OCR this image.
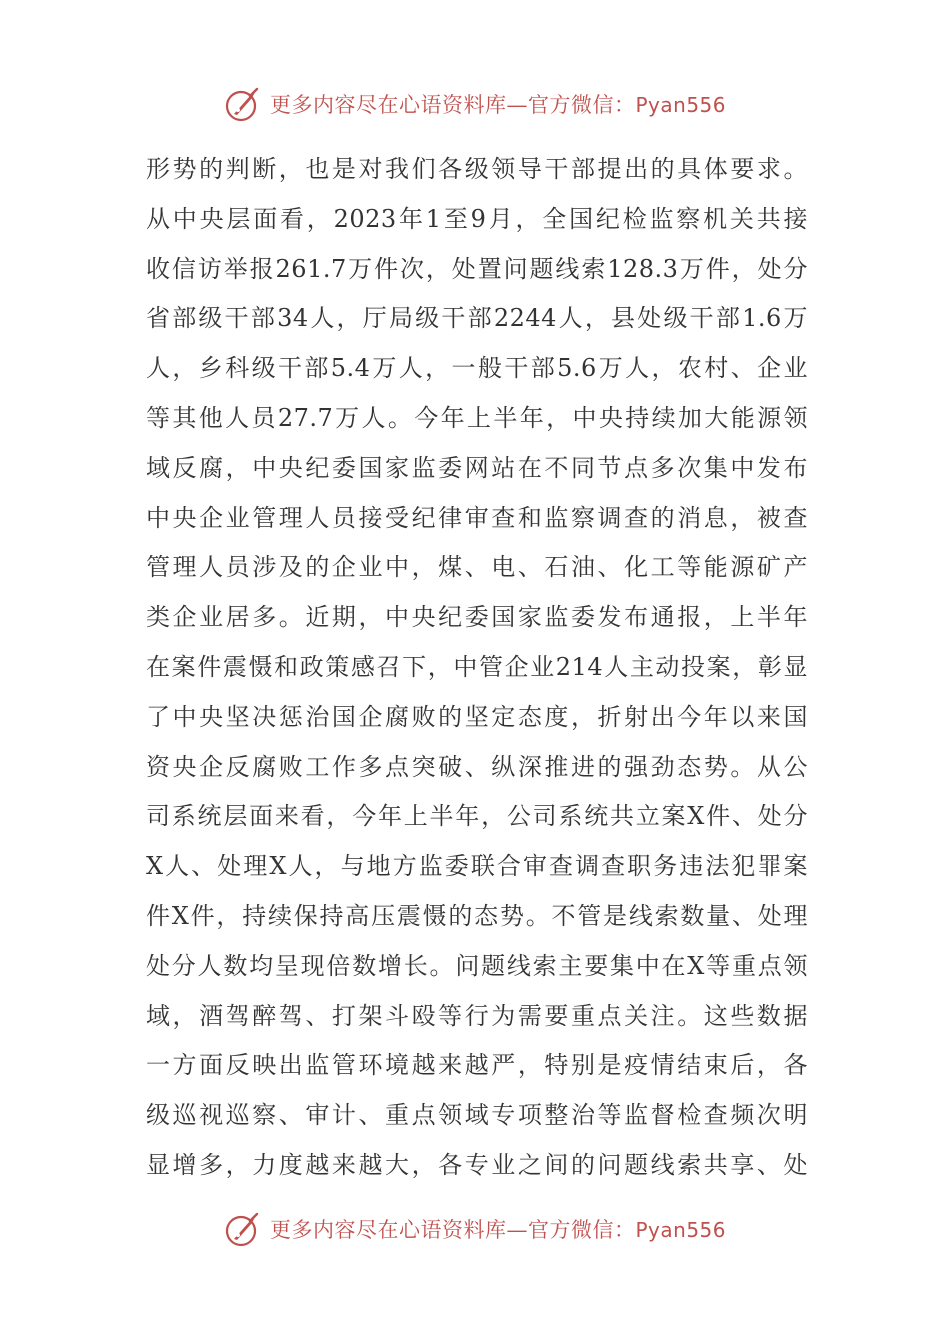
更多内容尽在心语资料库—官方微信：Pyan556
形势的判断，也是对我们各级领导干部提出的具体要求。
从中央层面看，2023年1至9月，全国纪检监察机关共接
收信访举报261.7万件次，处置问题线索128.3万件，处分
省部级干部34人，厅局级干部2244人，县处级干部1.6万
人，乡科级干部5.4万人，一般干部5.6万人，农村、企业
等其他人员27.7万人。今年上半年，中央持续加大能源领
域反腐，中央纪委国家监委网站在不同节点多次集中发布
中央企业管理人员接受纪律审查和监察调查的消息，被查
管理人员涉及的企业中，煤、电、石油、化工等能源矿产
类企业居多。近期，中央纪委国家监委发布通报，上半年
在案件震慑和政策感召下，中管企业214人主动投案，彰显
了中央坚决惩治国企腐败的坚定态度，折射出今年以来国
资央企反腐败工作多点突破、纵深推进的强劲态势。从公
司系统层面来看，今年上半年，公司系统共立案X件、处分
X人、处理X人，与地方监委联合审查调查职务违法犯罪案
件X件，持续保持高压震慑的态势。不管是线索数量、处理
处分人数均呈现倍数增长。问题线索主要集中在X等重点领
域，酒驾醉驾、打架斗殴等行为需要重点关注。这些数据
一方面反映出监管环境越来越严，特别是疫情结束后，各
级巡视巡察、审计、重点领域专项整治等监督检查频次明
显增多，力度越来越大，各专业之间的问题线索共享、处
更多内容尽在心语资料库—官方微信：Pyan556
